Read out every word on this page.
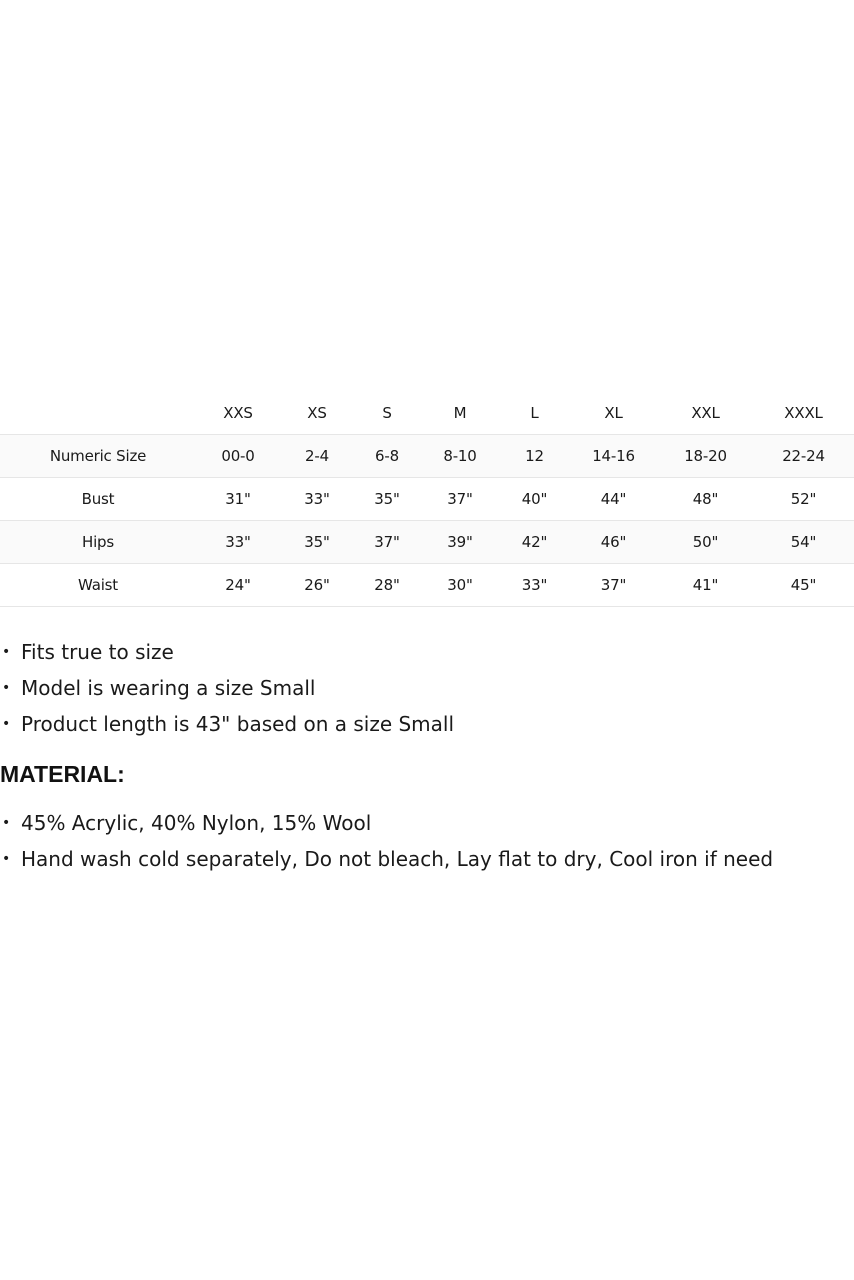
	XXS	XS	S	M	L	XL	XXL	XXXL
Numeric Size	00-0	2-4	6-8	8-10	12	14-16	18-20	22-24
Bust	31"	33"	35"	37"	40"	44"	48"	52"
Hips	33"	35"	37"	39"	42"	46"	50"	54"
Waist	24"	26"	28"	30"	33"	37"	41"	45"
• Fits true to size
• Model is wearing a size Small
• Product length is 43" based on a size Small
MATERIAL:
• 45% Acrylic, 40% Nylon, 15% Wool
• Hand wash cold separately, Do not bleach, Lay flat to dry, Cool iron if need
